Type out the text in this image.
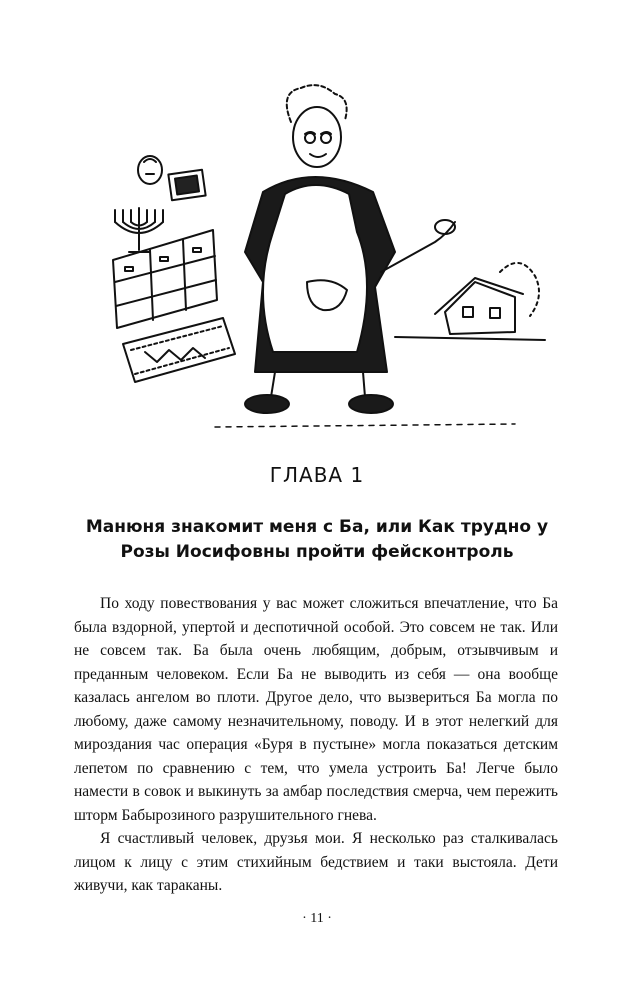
ГЛАВА 1
Манюня знакомит меня с Ба, или Как трудно у Розы Иосифовны пройти фейсконтроль

По ходу повествования у вас может сложиться впечатление, что Ба была вздорной, упертой и деспотичной особой. Это совсем не так. Или не совсем так. Ба была очень любящим, добрым, отзывчивым и преданным человеком. Если Ба не выводить из себя — она вообще казалась ангелом во плоти. Другое дело, что вызвериться Ба могла по любому, даже самому незначительному, поводу. И в этот нелегкий для мироздания час операция «Буря в пустыне» могла показаться детским лепетом по сравнению с тем, что умела устроить Ба! Легче было намести в совок и выкинуть за амбар последствия смерча, чем пережить шторм Бабырозиного разрушительного гнева.

Я счастливый человек, друзья мои. Я несколько раз сталкивалась лицом к лицу с этим стихийным бедствием и таки выстояла. Дети живучи, как тараканы.

· 11 ·
